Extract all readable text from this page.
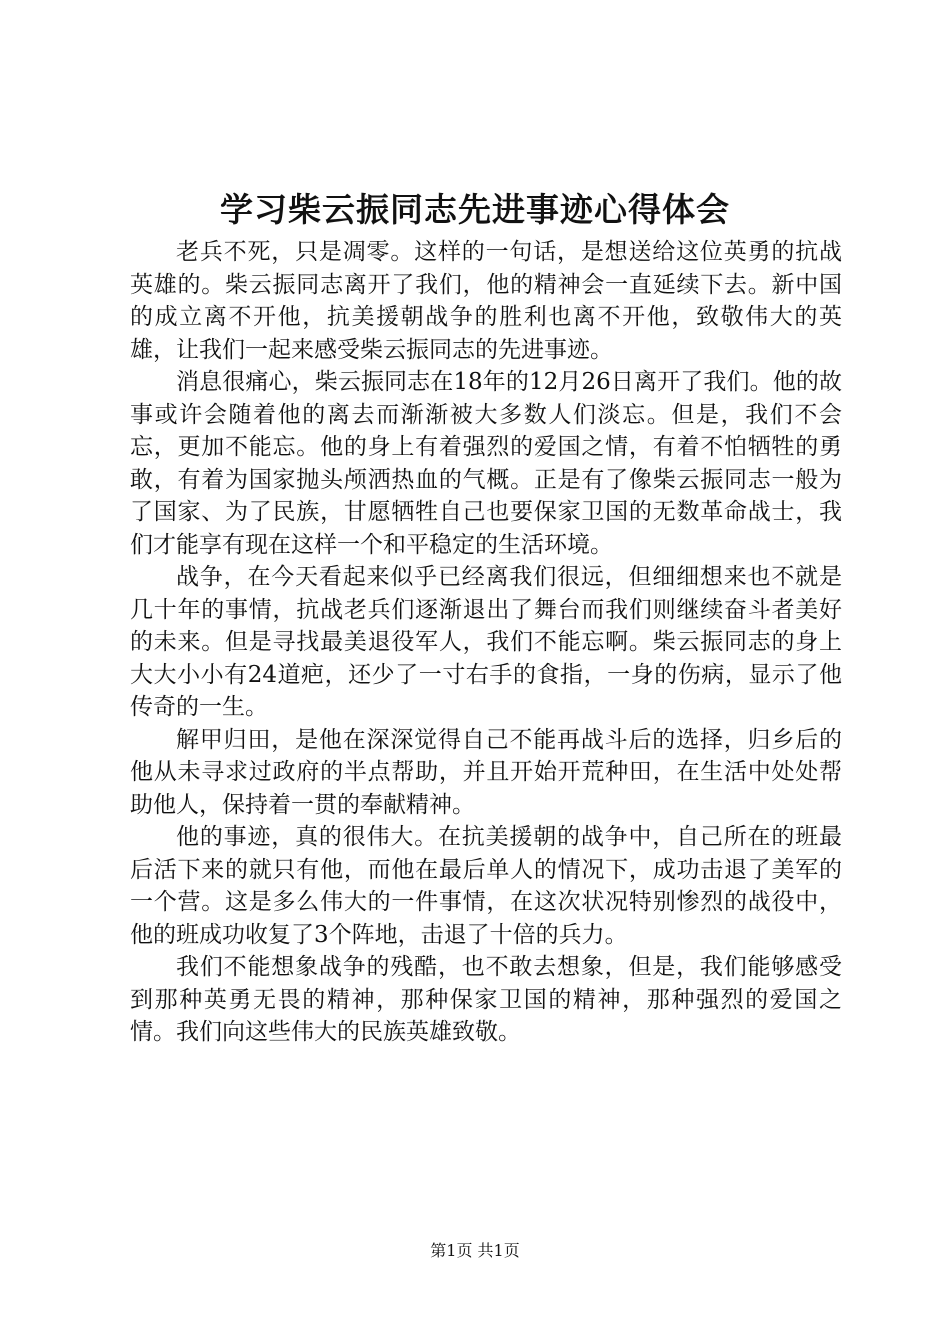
学习柴云振同志先进事迹心得体会

老兵不死，只是凋零。这样的一句话，是想送给这位英勇的抗战英雄的。柴云振同志离开了我们，他的精神会一直延续下去。新中国的成立离不开他，抗美援朝战争的胜利也离不开他，致敬伟大的英雄，让我们一起来感受柴云振同志的先进事迹。

消息很痛心，柴云振同志在18年的12月26日离开了我们。他的故事或许会随着他的离去而渐渐被大多数人们淡忘。但是，我们不会忘，更加不能忘。他的身上有着强烈的爱国之情，有着不怕牺牲的勇敢，有着为国家抛头颅洒热血的气概。正是有了像柴云振同志一般为了国家、为了民族，甘愿牺牲自己也要保家卫国的无数革命战士，我们才能享有现在这样一个和平稳定的生活环境。

战争，在今天看起来似乎已经离我们很远，但细细想来也不就是几十年的事情，抗战老兵们逐渐退出了舞台而我们则继续奋斗者美好的未来。但是寻找最美退役军人，我们不能忘啊。柴云振同志的身上大大小小有24道疤，还少了一寸右手的食指，一身的伤病，显示了他传奇的一生。

解甲归田，是他在深深觉得自己不能再战斗后的选择，归乡后的他从未寻求过政府的半点帮助，并且开始开荒种田，在生活中处处帮助他人，保持着一贯的奉献精神。

他的事迹，真的很伟大。在抗美援朝的战争中，自己所在的班最后活下来的就只有他，而他在最后单人的情况下，成功击退了美军的一个营。这是多么伟大的一件事情，在这次状况特别惨烈的战役中，他的班成功收复了3个阵地，击退了十倍的兵力。

我们不能想象战争的残酷，也不敢去想象，但是，我们能够感受到那种英勇无畏的精神，那种保家卫国的精神，那种强烈的爱国之情。我们向这些伟大的民族英雄致敬。

第1页 共1页
